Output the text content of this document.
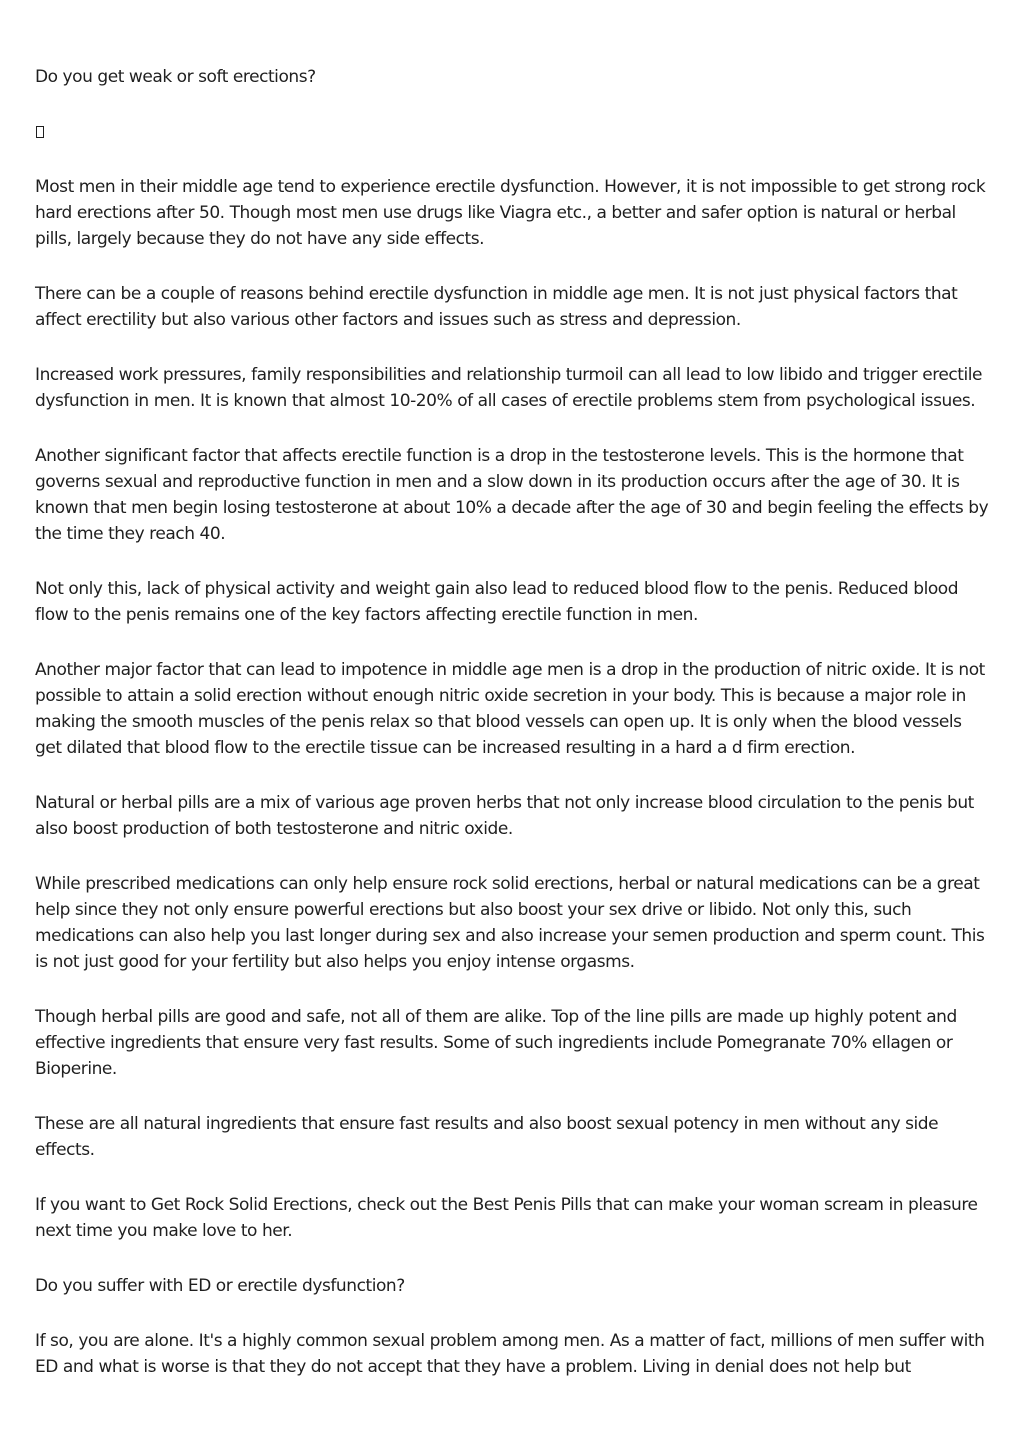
Do you get weak or soft erections?

Most men in their middle age tend to experience erectile dysfunction. However, it is not impossible to get strong rock hard erections after 50. Though most men use drugs like Viagra etc., a better and safer option is natural or herbal pills, largely because they do not have any side effects.

There can be a couple of reasons behind erectile dysfunction in middle age men. It is not just physical factors that affect erectility but also various other factors and issues such as stress and depression.

Increased work pressures, family responsibilities and relationship turmoil can all lead to low libido and trigger erectile dysfunction in men. It is known that almost 10-20% of all cases of erectile problems stem from psychological issues.

Another significant factor that affects erectile function is a drop in the testosterone levels. This is the hormone that governs sexual and reproductive function in men and a slow down in its production occurs after the age of 30. It is known that men begin losing testosterone at about 10% a decade after the age of 30 and begin feeling the effects by the time they reach 40.

Not only this, lack of physical activity and weight gain also lead to reduced blood flow to the penis. Reduced blood flow to the penis remains one of the key factors affecting erectile function in men.

Another major factor that can lead to impotence in middle age men is a drop in the production of nitric oxide. It is not possible to attain a solid erection without enough nitric oxide secretion in your body. This is because a major role in making the smooth muscles of the penis relax so that blood vessels can open up. It is only when the blood vessels get dilated that blood flow to the erectile tissue can be increased resulting in a hard a d firm erection.

Natural or herbal pills are a mix of various age proven herbs that not only increase blood circulation to the penis but also boost production of both testosterone and nitric oxide.

While prescribed medications can only help ensure rock solid erections, herbal or natural medications can be a great help since they not only ensure powerful erections but also boost your sex drive or libido. Not only this, such medications can also help you last longer during sex and also increase your semen production and sperm count. This is not just good for your fertility but also helps you enjoy intense orgasms.

Though herbal pills are good and safe, not all of them are alike. Top of the line pills are made up highly potent and effective ingredients that ensure very fast results. Some of such ingredients include Pomegranate 70% ellagen or Bioperine.

These are all natural ingredients that ensure fast results and also boost sexual potency in men without any side effects.

If you want to Get Rock Solid Erections, check out the Best Penis Pills that can make your woman scream in pleasure next time you make love to her.

Do you suffer with ED or erectile dysfunction?

If so, you are alone. It's a highly common sexual problem among men. As a matter of fact, millions of men suffer with ED and what is worse is that they do not accept that they have a problem. Living in denial does not help but
